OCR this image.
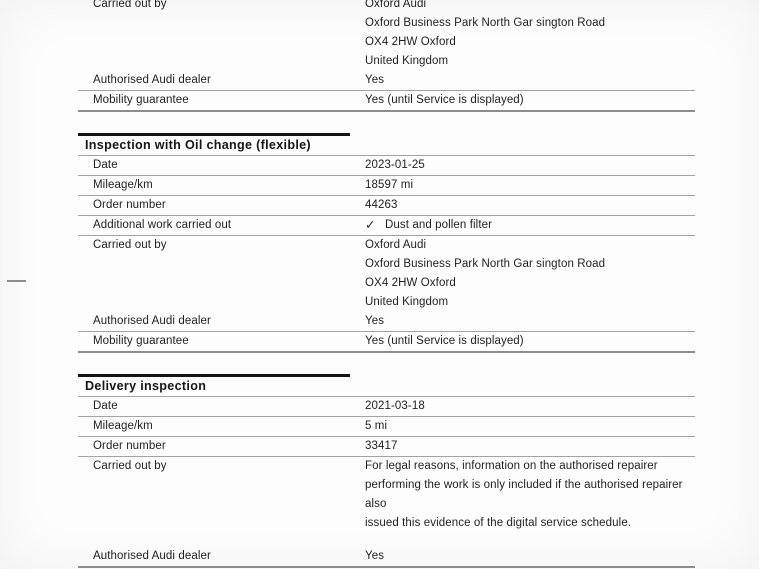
Carried out by	Oxford Audi
Oxford Business Park North Gar sington Road
OX4 2HW Oxford
United Kingdom
Authorised Audi dealer	Yes
Mobility guarantee	Yes (until Service is displayed)
Inspection with Oil change (flexible)
Date	2023-01-25
Mileage/km	18597 mi
Order number	44263
Additional work carried out	✓ Dust and pollen filter
Carried out by	Oxford Audi
Oxford Business Park North Gar sington Road
OX4 2HW Oxford
United Kingdom
Authorised Audi dealer	Yes
Mobility guarantee	Yes (until Service is displayed)
Delivery inspection
Date	2021-03-18
Mileage/km	5 mi
Order number	33417
Carried out by	For legal reasons, information on the authorised repairer
performing the work is only included if the authorised repairer also
issued this evidence of the digital service schedule.
Authorised Audi dealer	Yes
